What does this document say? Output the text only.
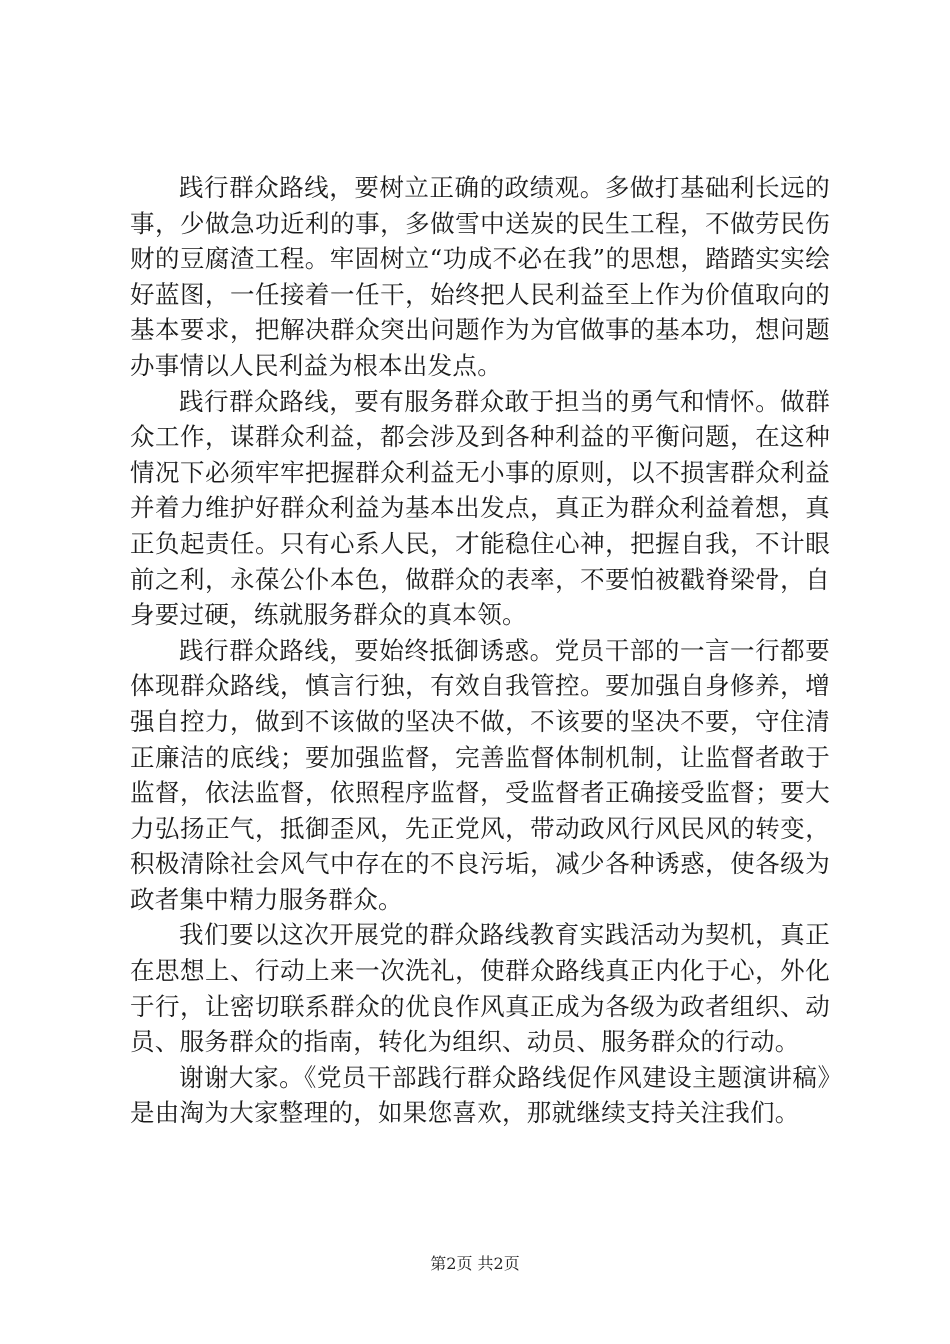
践行群众路线，要树立正确的政绩观。多做打基础利长远的事，少做急功近利的事，多做雪中送炭的民生工程，不做劳民伤财的豆腐渣工程。牢固树立“功成不必在我”的思想，踏踏实实绘好蓝图，一任接着一任干，始终把人民利益至上作为价值取向的基本要求，把解决群众突出问题作为为官做事的基本功，想问题办事情以人民利益为根本出发点。

践行群众路线，要有服务群众敢于担当的勇气和情怀。做群众工作，谋群众利益，都会涉及到各种利益的平衡问题，在这种情况下必须牢牢把握群众利益无小事的原则，以不损害群众利益并着力维护好群众利益为基本出发点，真正为群众利益着想，真正负起责任。只有心系人民，才能稳住心神，把握自我，不计眼前之利，永葆公仆本色，做群众的表率，不要怕被戳脊梁骨，自身要过硬，练就服务群众的真本领。

践行群众路线，要始终抵御诱惑。党员干部的一言一行都要体现群众路线，慎言行独，有效自我管控。要加强自身修养，增强自控力，做到不该做的坚决不做，不该要的坚决不要，守住清正廉洁的底线；要加强监督，完善监督体制机制，让监督者敢于监督，依法监督，依照程序监督，受监督者正确接受监督；要大力弘扬正气，抵御歪风，先正党风，带动政风行风民风的转变，积极清除社会风气中存在的不良污垢，减少各种诱惑，使各级为政者集中精力服务群众。

我们要以这次开展党的群众路线教育实践活动为契机，真正在思想上、行动上来一次洗礼，使群众路线真正内化于心，外化于行，让密切联系群众的优良作风真正成为各级为政者组织、动员、服务群众的指南，转化为组织、动员、服务群众的行动。

谢谢大家。《党员干部践行群众路线促作风建设主题演讲稿》是由淘为大家整理的，如果您喜欢，那就继续支持关注我们。

第2页 共2页
